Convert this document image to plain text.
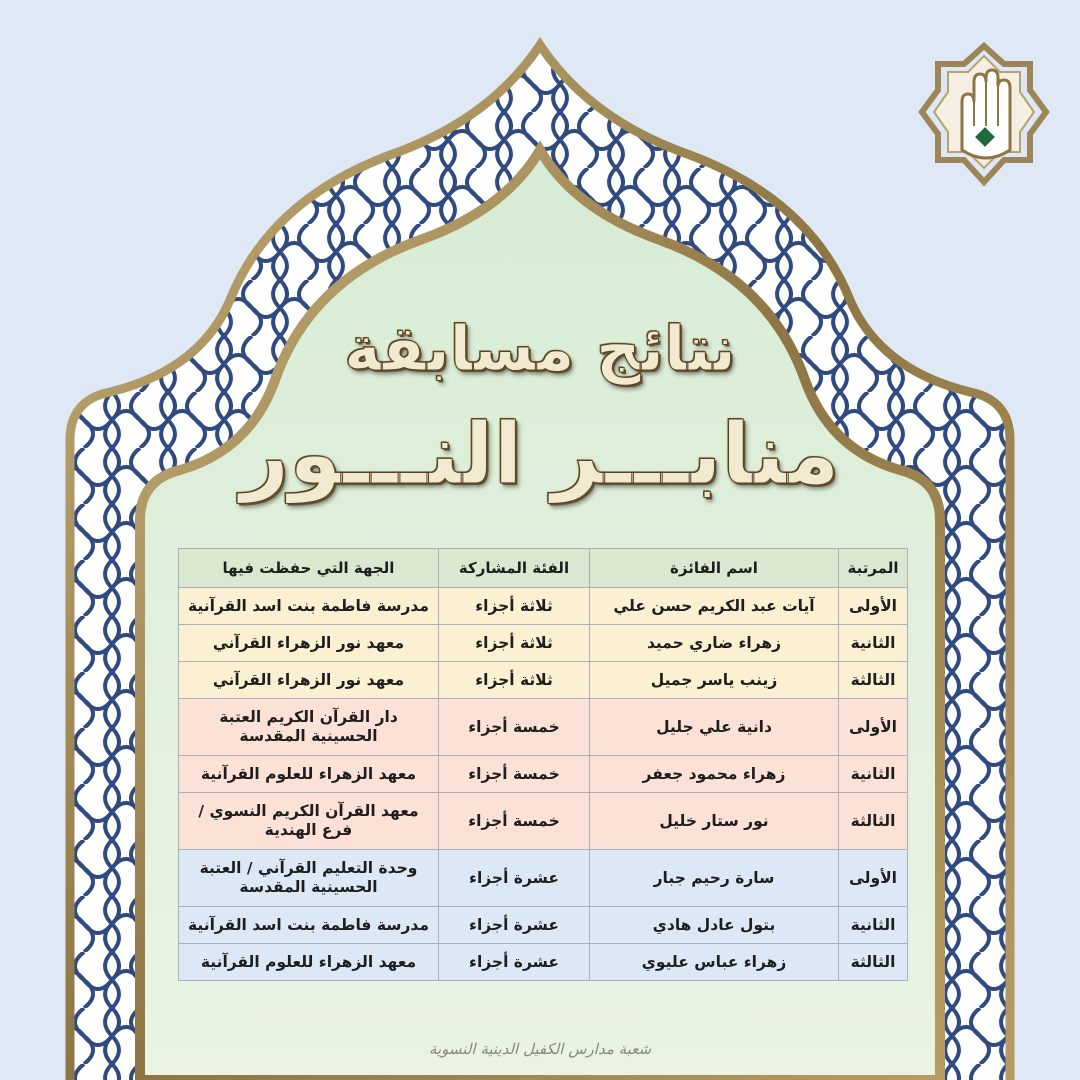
نتائج مسابقة
منابـــر النـــور
المرتبة	اسم الفائزة	الفئة المشاركة	الجهة التي حفظت فيها
الأولى	آيات عبد الكريم حسن علي	ثلاثة أجزاء	مدرسة فاطمة بنت اسد القرآنية
الثانية	زهراء ضاري حميد	ثلاثة أجزاء	معهد نور الزهراء القرآني
الثالثة	زينب ياسر جميل	ثلاثة أجزاء	معهد نور الزهراء القرآني
الأولى	دانية علي جليل	خمسة أجزاء	دار القرآن الكريم العتبة الحسينية المقدسة
الثانية	زهراء محمود جعفر	خمسة أجزاء	معهد الزهراء للعلوم القرآنية
الثالثة	نور ستار خليل	خمسة أجزاء	معهد القرآن الكريم النسوي / فرع الهندية
الأولى	سارة رحيم جبار	عشرة أجزاء	وحدة التعليم القرآني / العتبة الحسينية المقدسة
الثانية	بتول عادل هادي	عشرة أجزاء	مدرسة فاطمة بنت اسد القرآنية
الثالثة	زهراء عباس عليوي	عشرة أجزاء	معهد الزهراء للعلوم القرآنية
شعبة مدارس الكفيل الدينية النسوية
